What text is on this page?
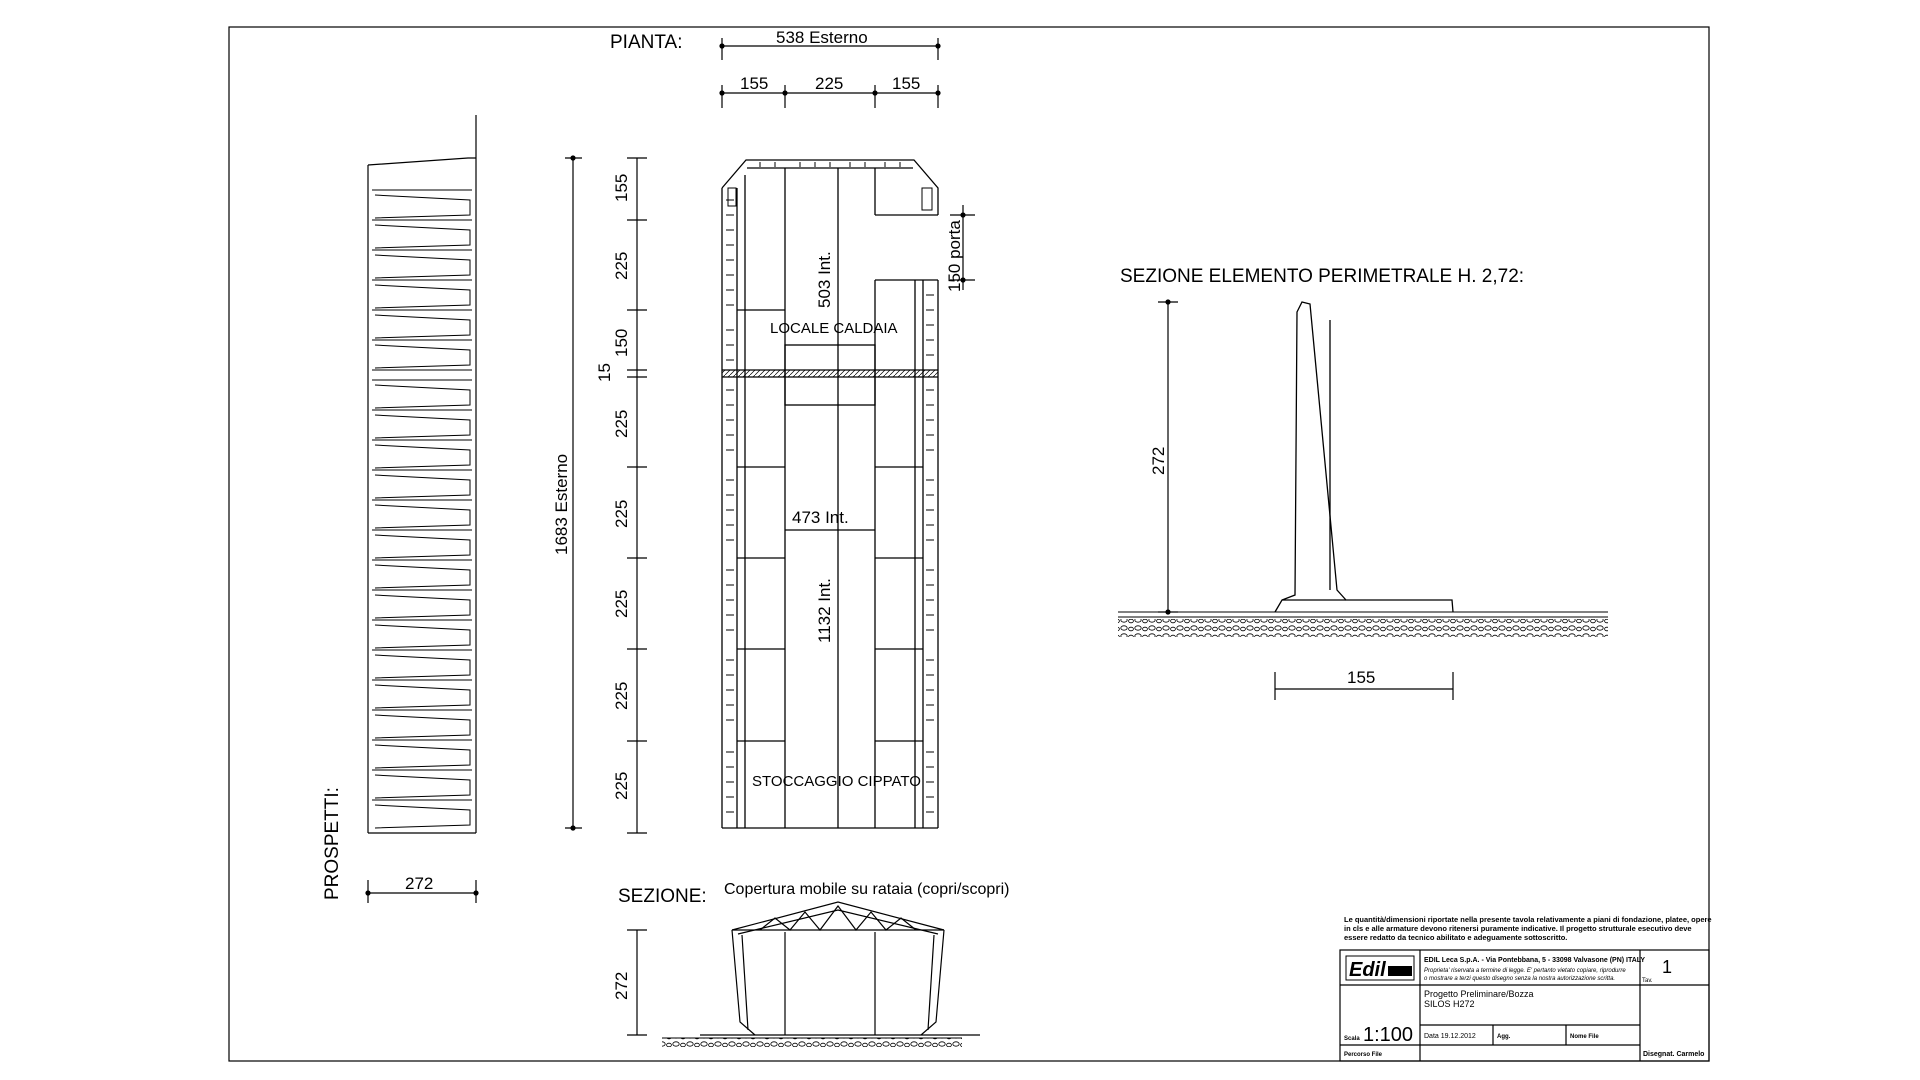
PIANTA:	538 Esterno
155	225	155
155
225
150
15
225
225
225
225
225
1683 Esterno
150 porta
503 Int.
LOCALE CALDAIA
473 Int.
1132 Int.
STOCCAGGIO CIPPATO
272
PROSPETTI:	SEZIONE: Copertura mobile su rataia (copri/scopri)
272
SEZIONE ELEMENTO PERIMETRALE H. 2,72:
272
155
Le quantità/dimensioni riportate nella presente tavola relativamente a piani di fondazione, platee, opere in cls e alle armature devono ritenersi puramente indicative. Il progetto strutturale esecutivo deve essere redatto da tecnico abilitato e adeguamente sottoscritto.
Edil	EDIL Leca S.p.A. - Via Pontebbana, 5 - 33098 Valvasone (PN) ITALY
Proprieta' riservata a termine di legge. E' pertanto vietato copiare, riprodurre o mostrare a terzi questo disegno senza la nostra autorizzazione scritta.	Tav.
1
Progetto Preliminare/Bozza
SILOS H272
Scala 1:100 Data 19.12.2012	Agg.	Nome File
Percorso File	Disegnat. Carmelo
